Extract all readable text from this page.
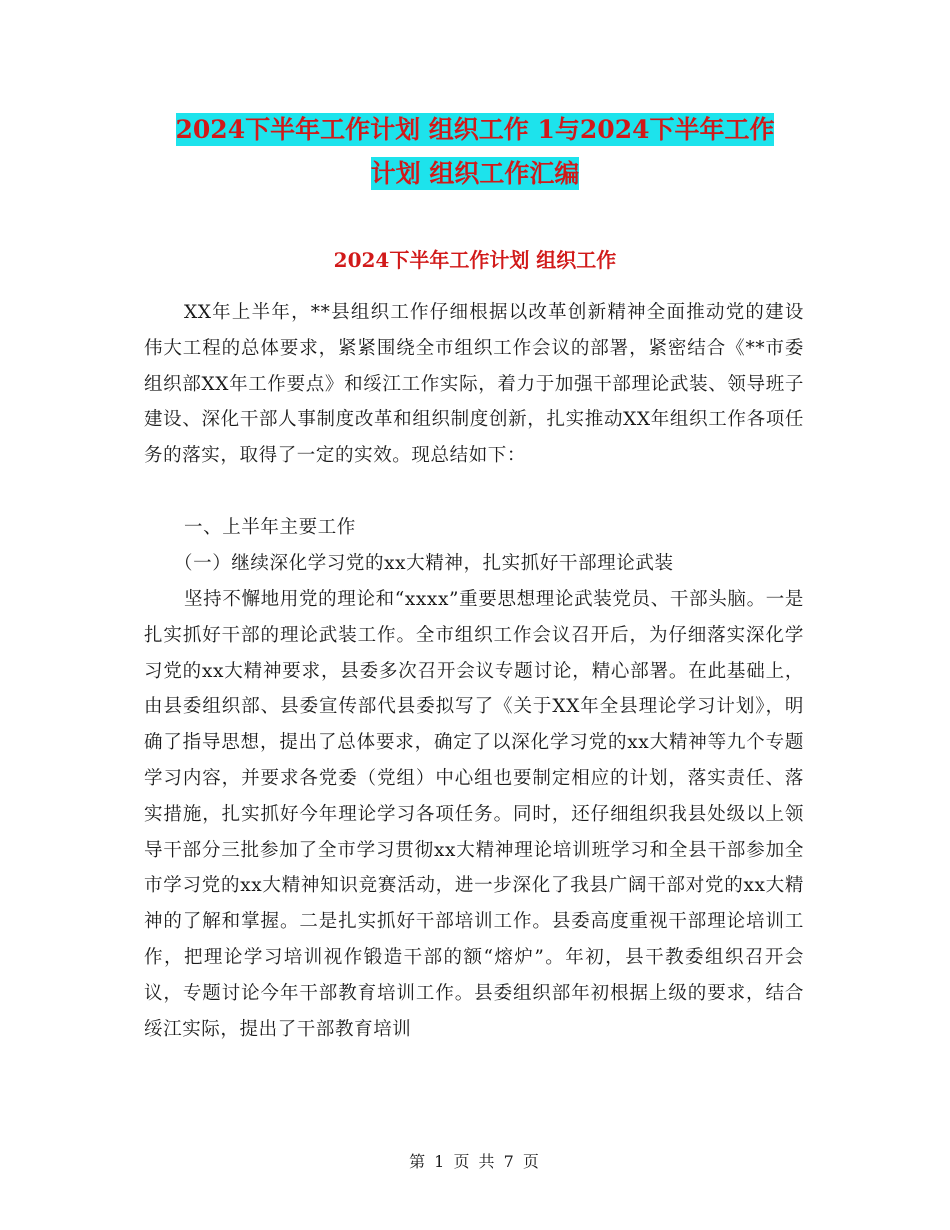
2024下半年工作计划 组织工作 1与2024下半年工作
计划 组织工作汇编
2024下半年工作计划 组织工作

XX年上半年，**县组织工作仔细根据以改革创新精神全面推动党的建设伟大工程的总体要求，紧紧围绕全市组织工作会议的部署，紧密结合《**市委组织部XX年工作要点》和绥江工作实际，着力于加强干部理论武装、领导班子建设、深化干部人事制度改革和组织制度创新，扎实推动XX年组织工作各项任务的落实，取得了一定的实效。现总结如下：

一、上半年主要工作

（一）继续深化学习党的xx大精神，扎实抓好干部理论武装

坚持不懈地用党的理论和“xxxx”重要思想理论武装党员、干部头脑。一是扎实抓好干部的理论武装工作。全市组织工作会议召开后，为仔细落实深化学习党的xx大精神要求，县委多次召开会议专题讨论，精心部署。在此基础上，由县委组织部、县委宣传部代县委拟写了《关于XX年全县理论学习计划》，明确了指导思想，提出了总体要求，确定了以深化学习党的xx大精神等九个专题学习内容，并要求各党委（党组）中心组也要制定相应的计划，落实责任、落实措施，扎实抓好今年理论学习各项任务。同时，还仔细组织我县处级以上领导干部分三批参加了全市学习贯彻xx大精神理论培训班学习和全县干部参加全市学习党的xx大精神知识竞赛活动，进一步深化了我县广阔干部对党的xx大精神的了解和掌握。二是扎实抓好干部培训工作。县委高度重视干部理论培训工作，把理论学习培训视作锻造干部的额“熔炉”。年初，县干教委组织召开会议，专题讨论今年干部教育培训工作。县委组织部年初根据上级的要求，结合绥江实际，提出了干部教育培训

第 1 页 共 7 页
